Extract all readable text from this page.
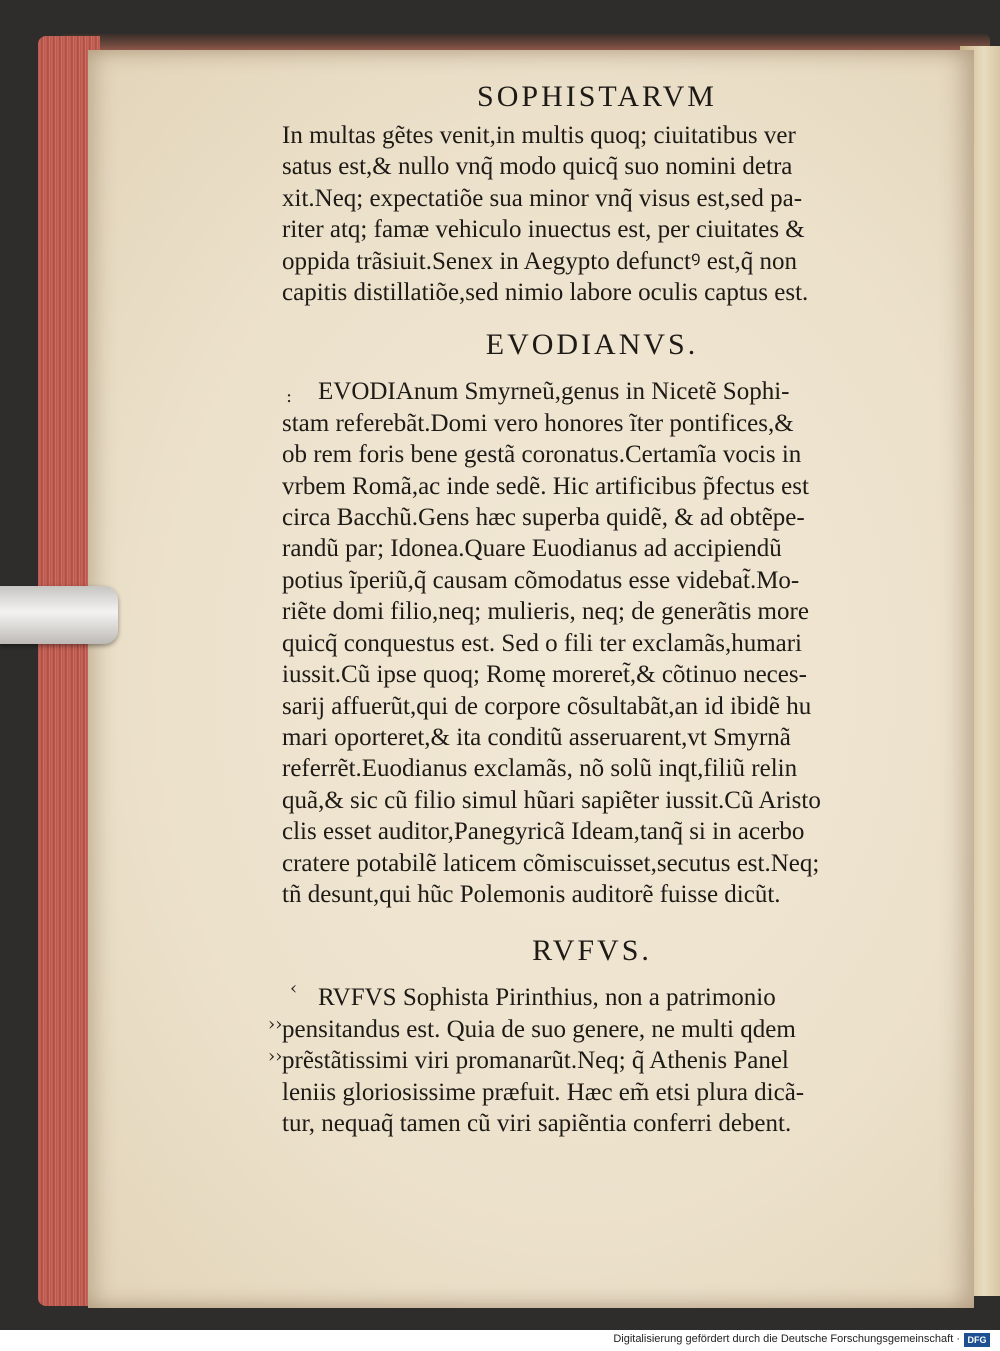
SOPHISTARVM
In multas gẽtes venit,in multis quoq; ciuitatibus ver
satus est,& nullo vnq̃ modo quicq̃ suo nomini detra
xit.Neq; expectatiõe sua minor vnq̃ visus est,sed pa-
riter atq; famæ vehiculo inuectus est, per ciuitates &
oppida trãsiuit.Senex in Aegypto defunctꝰ est,q̃ non
capitis distillatiõe,sed nimio labore oculis captus est.
EVODIANVS.
EVODIAnum Smyrneũ,genus in Nicetẽ Sophi-
stam referebãt.Domi vero honores ĩter pontifices,&
ob rem foris bene gestã coronatus.Certamĩa vocis in
vrbem Romã,ac inde sedẽ. Hic artificibus p̃fectus est
circa Bacchũ.Gens hæc superba quidẽ, & ad obtẽpe-
randũ par; Idonea.Quare Euodianus ad accipiendũ
potius ĩperiũ,q̃ causam cõmodatus esse videbat̃.Mo-
riẽte domi filio,neq; mulieris, neq; de generãtis more
quicq̃ conquestus est. Sed o fili ter exclamãs,humari
iussit.Cũ ipse quoq; Romę moreret̃,& cõtinuo neces-
sarij affuerũt,qui de corpore cõsultabãt,an id ibidẽ hu
mari oporteret,& ita conditũ asseruarent,vt Smyrnã
referrẽt.Euodianus exclamãs, nõ solũ inqt,filiũ relin
quã,& sic cũ filio simul hũari sapiẽter iussit.Cũ Aristo
clis esset auditor,Panegyricã Ideam,tanq̃ si in acerbo
cratere potabilẽ laticem cõmiscuisset,secutus est.Neq;
tñ desunt,qui hũc Polemonis auditorẽ fuisse dicũt.
RVFVS.
RVFVS Sophista Pirinthius, non a patrimonio
pensitandus est. Quia de suo genere, ne multi qdem
prẽstãtissimi viri promanarũt.Neq; q̃ Athenis Panel
leniis gloriosissime præfuit. Hæc em̃ etsi plura dicã-
tur, nequaq̃ tamen cũ viri sapiẽntia conferri debent.
:
››
››
‹
Digitalisierung gefördert durch die Deutsche Forschungsgemeinschaft · DFG
